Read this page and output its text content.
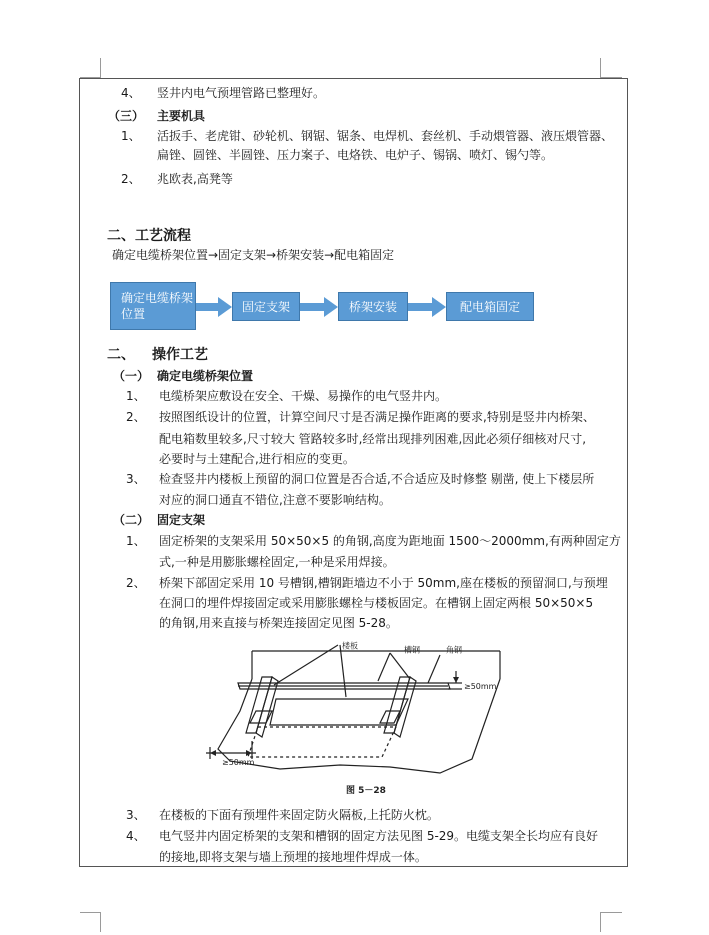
4、 竖井内电气预埋管路已整理好。
（三） 主要机具
1、 活扳手、老虎钳、砂轮机、钢锯、锯条、电焊机、套丝机、手动煨管器、液压煨管器、
扁锉、圆锉、半圆锉、压力案子、电烙铁、电炉子、锡锅、喷灯、锡勺等。
2、 兆欧表,高凳等
二、工艺流程
确定电缆桥架位置→固定支架→桥架安装→配电箱固定
确定电缆桥架位置
固定支架	桥架安装	配电箱固定
二、 操作工艺
（一） 确定电缆桥架位置
1、 电缆桥架应敷设在安全、干燥、易操作的电气竖井内。
2、 按照图纸设计的位置，计算空间尺寸是否满足操作距离的要求,特别是竖井内桥架、
配电箱数里较多,尺寸较大 管路较多时,经常出现排列困难,因此必须仔细核对尺寸,
必要时与土建配合,进行相应的变更。
3、 检查竖井内楼板上预留的洞口位置是否合适,不合适应及时修整 剔凿, 使上下楼层所
对应的洞口通直不错位,注意不要影响结构。
（二） 固定支架
1、 固定桥架的支架采用 50×50×5 的角钢,高度为距地面 1500～2000mm,有两种固定方
式,一种是用膨胀螺栓固定,一种是采用焊接。
2、 桥架下部固定采用 10 号槽钢,槽钢距墙边不小于 50mm,座在楼板的预留洞口,与预埋
在洞口的埋件焊接固定或采用膨胀螺栓与楼板固定。在槽钢上固定两根 50×50×5
的角钢,用来直接与桥架连接固定见图 5-28。
楼板	槽钢	角钢
≥50mm
≥50mm
图 5－28
3、 在楼板的下面有预埋件来固定防火隔板,上托防火枕。
4、 电气竖井内固定桥架的支架和槽钢的固定方法见图 5-29。电缆支架全长均应有良好
的接地,即将支架与墙上预埋的接地埋件焊成一体。
